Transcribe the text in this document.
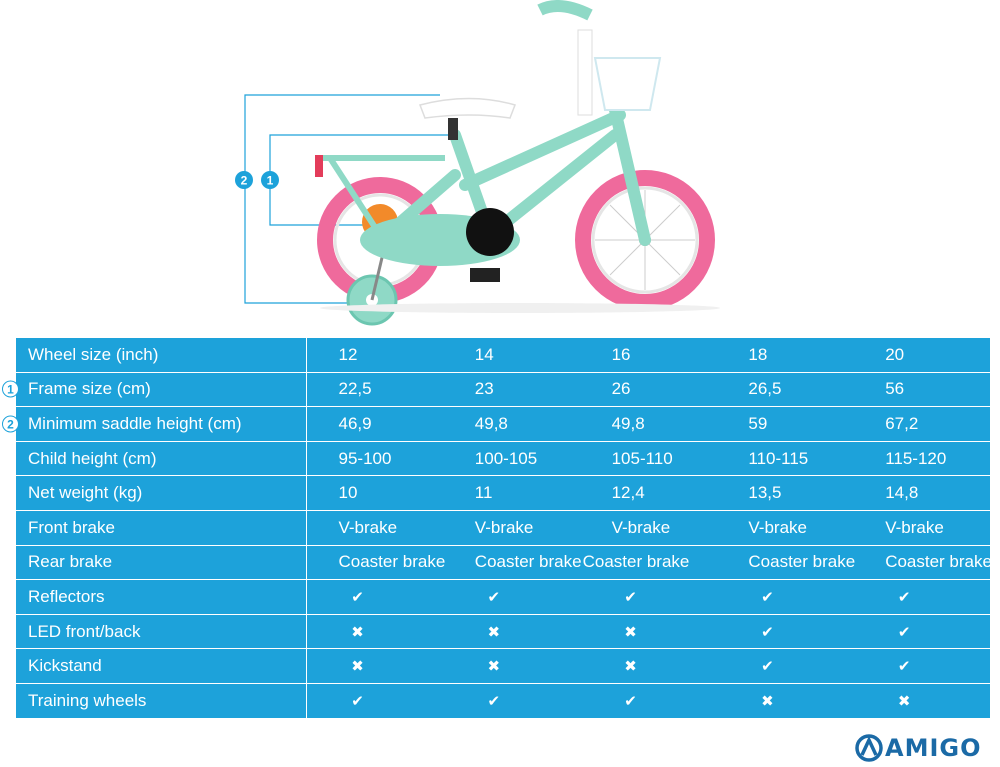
2 1
Wheel size (inch)	12	14	16	18	20

1 Frame size (cm)	22,5	23	26	26,5	56

2 Minimum saddle height (cm)	46,9	49,8	49,8	59	67,2
Child height (cm)	95-100	100-105	105-110	110-115	115-120
Net weight (kg)	10	11	12,4	13,5	14,8
Front brake	V-brake	V-brake	V-brake	V-brake	V-brake
Rear brake	Coaster brake	Coaster brake	Coaster brake	Coaster brake	Coaster brake
Reflectors	✔	✔	✔	✔	✔
LED front/back	✖	✖	✖	✔	✔
Kickstand	✖	✖	✖	✔	✔
Training wheels	✔	✔	✔	✖	✖
AMIGO
